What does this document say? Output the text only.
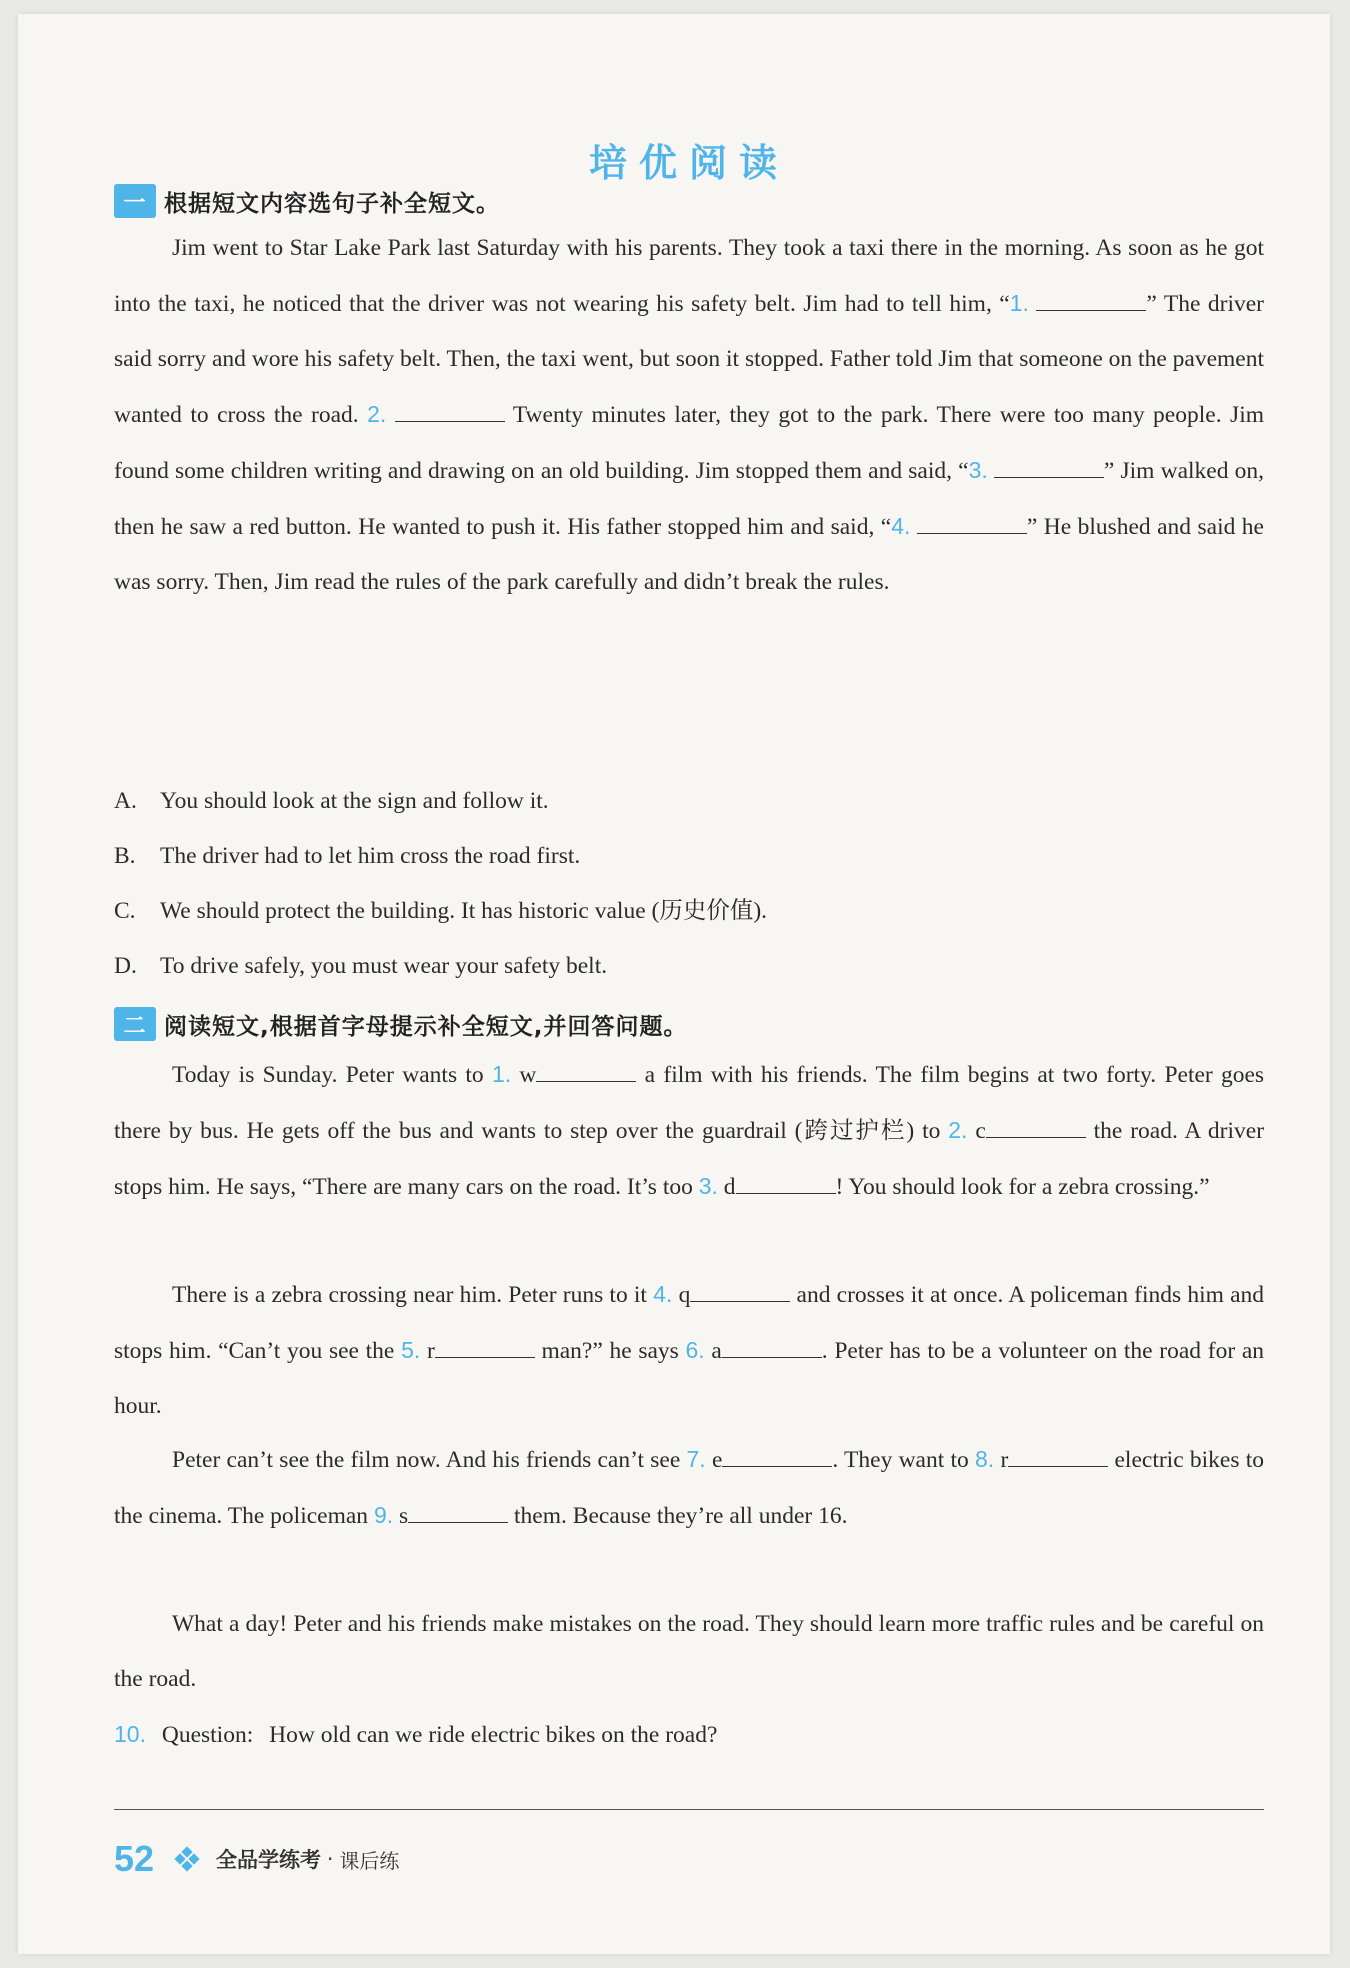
培优阅读
一 根据短文内容选句子补全短文。
Jim went to Star Lake Park last Saturday with his parents. They took a taxi there in the morning. As soon as he got into the taxi, he noticed that the driver was not wearing his safety belt. Jim had to tell him, “1.	” The driver said sorry and wore his safety belt. Then, the taxi went, but soon it stopped. Father told Jim that someone on the pavement wanted to cross the road. 2.	Twenty minutes later, they got to the park. There were too many people. Jim found some children writing and drawing on an old building. Jim stopped them and said, “3.	” Jim walked on, then he saw a red button. He wanted to push it. His father stopped him and said, “4.	” He blushed and said he was sorry. Then, Jim read the rules of the park carefully and didn’t break the rules.
A. You should look at the sign and follow it.
B. The driver had to let him cross the road first.
C. We should protect the building. It has historic value (历史价值).
D. To drive safely, you must wear your safety belt.
二 阅读短文,根据首字母提示补全短文,并回答问题。
Today is Sunday. Peter wants to 1. w	a film with his friends. The film begins at two forty. Peter goes there by bus. He gets off the bus and wants to step over the guardrail (跨过护栏) to 2. c	the road. A driver stops him. He says, “There are many cars on the road. It’s too 3. d	! You should look for a zebra crossing.”
There is a zebra crossing near him. Peter runs to it 4. q	and crosses it at once. A policeman finds him and stops him. “Can’t you see the 5. r	man?” he says 6. a	. Peter has to be a volunteer on the road for an hour.
Peter can’t see the film now. And his friends can’t see 7. e	. They want to 8. r	electric bikes to the cinema. The policeman 9. s	them. Because they’re all under 16.
What a day! Peter and his friends make mistakes on the road. They should learn more traffic rules and be careful on the road.
10. Question: How old can we ride electric bikes on the road?
52	全品学练考 · 课后练
